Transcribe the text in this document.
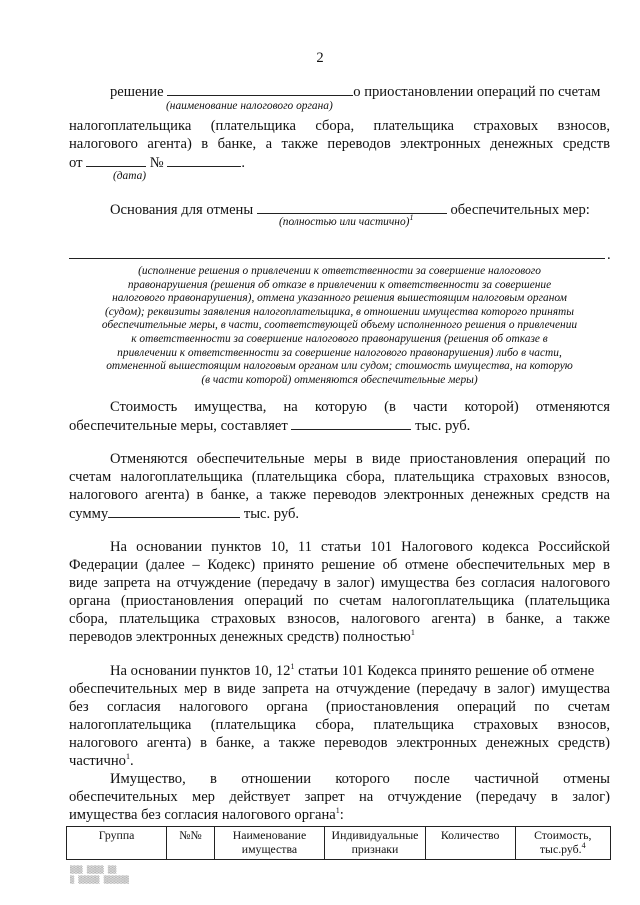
2
решение	о приостановлении операций по счетам
(наименование налогового органа)
налогоплательщика (плательщика сбора, плательщика страховых взносов,
налогового агента) в банке, а также переводов электронных денежных средств
от	№	.
(дата)
Основания для отмены	обеспечительных мер:
(полностью или частично)$^1$
.
(исполнение решения о привлечении к ответственности за совершение налогового
правонарушения (решения об отказе в привлечении к ответственности за совершение
налогового правонарушения), отмена указанного решения вышестоящим налоговым органом
(судом); реквизиты заявления налогоплательщика, в отношении имущества которого приняты
обеспечительные меры, в части, соответствующей объему исполненного решения о привлечении
к ответственности за совершение налогового правонарушения (решения об отказе в
привлечении к ответственности за совершение налогового правонарушения) либо в части,
отмененной вышестоящим налоговым органом или судом; стоимость имущества, на которую
(в части которой) отменяются обеспечительные меры)
Стоимость имущества, на которую (в части которой) отменяются
обеспечительные меры, составляет	тыс. руб.
Отменяются обеспечительные меры в виде приостановления операций по
счетам налогоплательщика (плательщика сбора, плательщика страховых взносов,
налогового агента) в банке, а также переводов электронных денежных средств на
сумму	тыс. руб.
На основании пунктов 10, 11 статьи 101 Налогового кодекса Российской
Федерации (далее – Кодекс) принято решение об отмене обеспечительных мер в
виде запрета на отчуждение (передачу в залог) имущества без согласия налогового
органа (приостановления операций по счетам налогоплательщика (плательщика
сбора, плательщика страховых взносов, налогового агента) в банке, а также
переводов электронных денежных средств) полностью$^1$
На основании пунктов 10, $12^1$ статьи 101 Кодекса принято решение об отмене
обеспечительных мер в виде запрета на отчуждение (передачу в залог) имущества
без согласия налогового органа (приостановления операций по счетам
налогоплательщика (плательщика сбора, плательщика страховых взносов,
налогового агента) в банке, а также переводов электронных денежных средств)
частично$^1$.
Имущество, в отношении которого после частичной отмены
обеспечительных мер действует запрет на отчуждение (передачу в залог)
имущества без согласия налогового органа$^1$:
Группа	№№	Наименование имущества	Индивидуальные признаки	Количество	Стоимость, тыс.руб.$^4$
▒▒▒ ▒▒▒▒ ▒▒
▒ ▒▒▒▒▒ ▒▒▒▒▒▒
